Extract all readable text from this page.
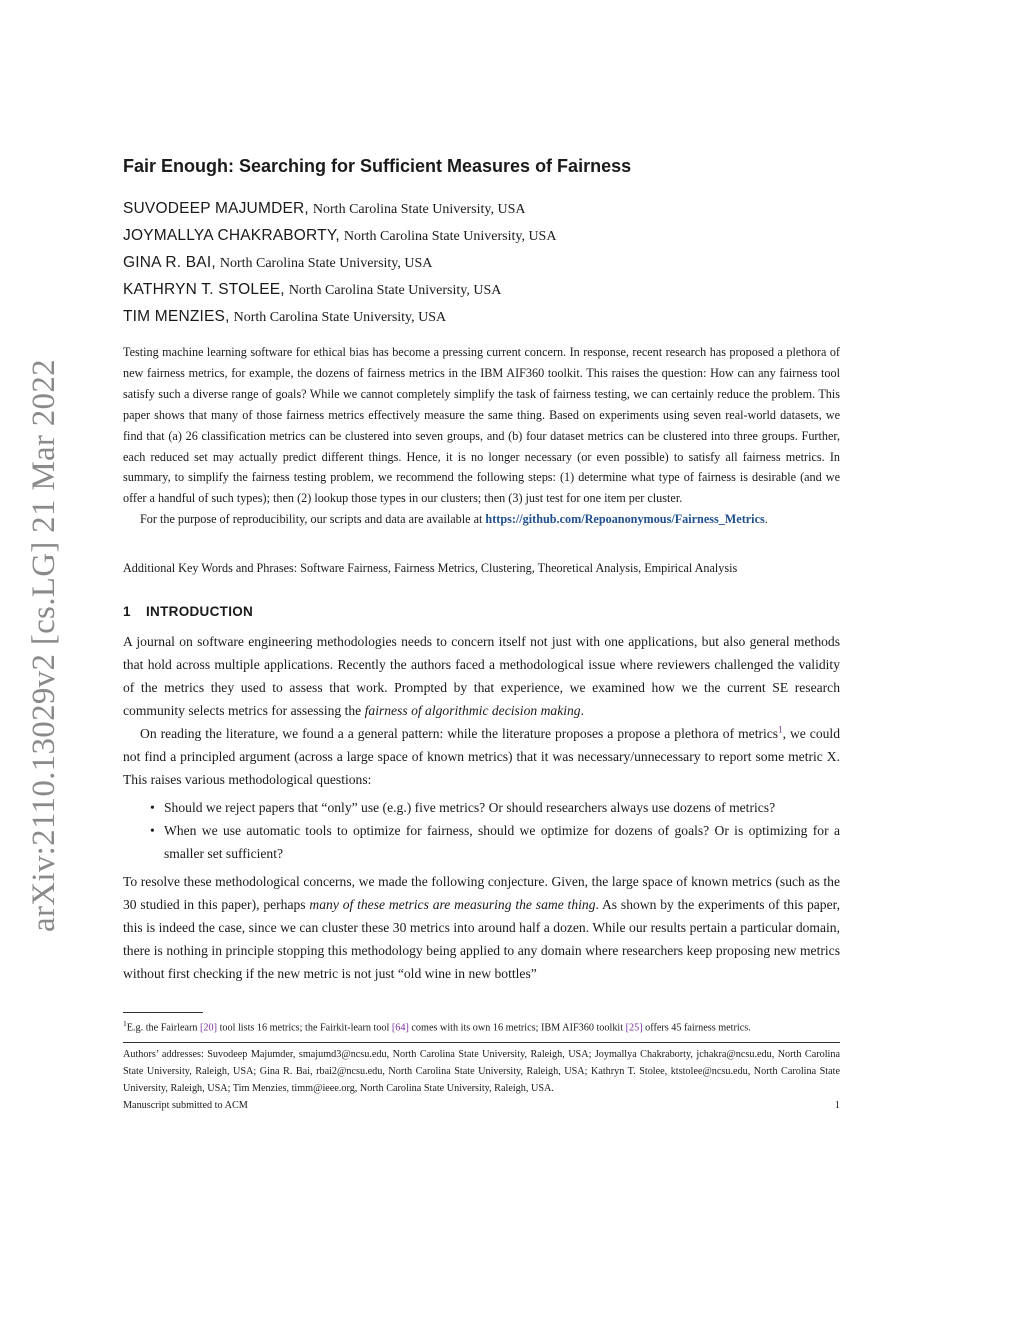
arXiv:2110.13029v2 [cs.LG] 21 Mar 2022
Fair Enough: Searching for Sufficient Measures of Fairness
SUVODEEP MAJUMDER, North Carolina State University, USA
JOYMALLYA CHAKRABORTY, North Carolina State University, USA
GINA R. BAI, North Carolina State University, USA
KATHRYN T. STOLEE, North Carolina State University, USA
TIM MENZIES, North Carolina State University, USA

Testing machine learning software for ethical bias has become a pressing current concern. In response, recent research has proposed a plethora of new fairness metrics, for example, the dozens of fairness metrics in the IBM AIF360 toolkit. This raises the question: How can any fairness tool satisfy such a diverse range of goals? While we cannot completely simplify the task of fairness testing, we can certainly reduce the problem. This paper shows that many of those fairness metrics effectively measure the same thing. Based on experiments using seven real-world datasets, we find that (a) 26 classification metrics can be clustered into seven groups, and (b) four dataset metrics can be clustered into three groups. Further, each reduced set may actually predict different things. Hence, it is no longer necessary (or even possible) to satisfy all fairness metrics. In summary, to simplify the fairness testing problem, we recommend the following steps: (1) determine what type of fairness is desirable (and we offer a handful of such types); then (2) lookup those types in our clusters; then (3) just test for one item per cluster.

For the purpose of reproducibility, our scripts and data are available at https://github.com/Repoanonymous/Fairness_Metrics.

Additional Key Words and Phrases: Software Fairness, Fairness Metrics, Clustering, Theoretical Analysis, Empirical Analysis
1 INTRODUCTION

A journal on software engineering methodologies needs to concern itself not just with one applications, but also general methods that hold across multiple applications. Recently the authors faced a methodological issue where reviewers challenged the validity of the metrics they used to assess that work. Prompted by that experience, we examined how we the current SE research community selects metrics for assessing the fairness of algorithmic decision making.

On reading the literature, we found a a general pattern: while the literature proposes a propose a plethora of metrics$^1$, we could not find a principled argument (across a large space of known metrics) that it was necessary/unnecessary to report some metric X. This raises various methodological questions:

• Should we reject papers that “only” use (e.g.) five metrics? Or should researchers always use dozens of metrics?
• When we use automatic tools to optimize for fairness, should we optimize for dozens of goals? Or is optimizing for a smaller set sufficient?

To resolve these methodological concerns, we made the following conjecture. Given, the large space of known metrics (such as the 30 studied in this paper), perhaps many of these metrics are measuring the same thing. As shown by the experiments of this paper, this is indeed the case, since we can cluster these 30 metrics into around half a dozen. While our results pertain a particular domain, there is nothing in principle stopping this methodology being applied to any domain where researchers keep proposing new metrics without first checking if the new metric is not just “old wine in new bottles”

$^1$E.g. the Fairlearn [20] tool lists 16 metrics; the Fairkit-learn tool [64] comes with its own 16 metrics; IBM AIF360 toolkit [25] offers 45 fairness metrics.
Authors’ addresses: Suvodeep Majumder, smajumd3@ncsu.edu, North Carolina State University, Raleigh, USA; Joymallya Chakraborty, jchakra@ncsu.edu, North Carolina State University, Raleigh, USA; Gina R. Bai, rbai2@ncsu.edu, North Carolina State University, Raleigh, USA; Kathryn T. Stolee, ktstolee@ncsu.edu, North Carolina State University, Raleigh, USA; Tim Menzies, timm@ieee.org, North Carolina State University, Raleigh, USA.
Manuscript submitted to ACM	1
